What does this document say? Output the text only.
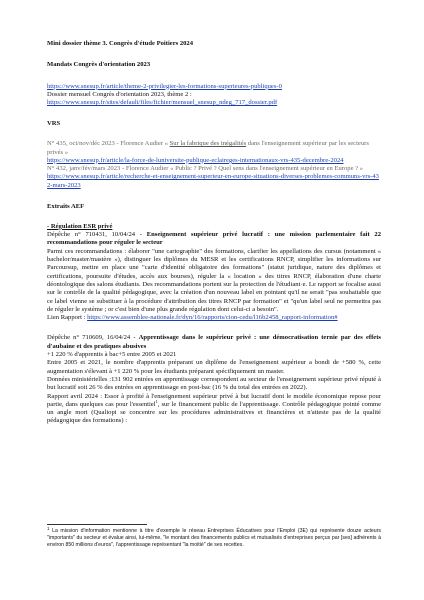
Mini dossier thème 3. Congrès d'étude Poitiers 2024

Mandats Congrès d'orientation 2023

https://www.snesup.fr/article/theme-2-privilegier-les-formations-superieures-publiques-0

Dossier mensuel Congrès d'orientation 2023, thème 2 :

https://www.snesup.fr/sites/default/files/fichier/mensuel_snesup_ndeg_717_dossier.pdf

VRS

N° 435, oct/nov/déc 2023 - Florence Audier « Sur la fabrique des inégalités dans l'enseignement supérieur par les secteurs privés »

https://www.snesup.fr/article/la-force-de-luniversite-publique-eclaireges-internationaux-vrs-435-decembre-2024

N° 432, janv/fév/mars 2023 - Florence Audier « Public ? Privé ? Quel sens dans l'enseignement supérieur en Europe ? »

https://www.snesup.fr/article/recherche-et-enseignement-superieur-en-europe-situations-diverses-problemes-communs-vrs-432-mars-2023

Extraits AEF

- Régulation ESR privé

Dépêche n° 710431, 10/04/24 - Enseignement supérieur privé lucratif : une mission parlementaire fait 22 recommandations pour réguler le secteur

Parmi ces recommandations : élaborer "une cartographie" des formations, clarifier les appellations des cursus (notamment « bachelor/master/mastère »), distinguer les diplômes du MESR et les certifications RNCP, simplifier les informations sur Parcoursup, mettre en place une "carte d'identité obligatoire des formations" (statut juridique, nature des diplômes et certifications, poursuite d'études, accès aux bourses), réguler la « location » des titres RNCP, élaboration d'une charte déontologique des salons étudiants. Des recommandations portent sur la protection de l'étudiant·e. Le rapport se focalise aussi sur le contrôle de la qualité pédagogique, avec la création d'un nouveau label en pointant qu'il ne serait "pas souhaitable que ce label vienne se substituer à la procédure d'attribution des titres RNCP par formation" et "qu'un label seul ne permettra pas de réguler le système ; or c'est bien d'une plus grande régulation dont celui-ci a besoin".

Lien Rapport : https://www.assemblee-nationale.fr/dyn/16/rapports/cion-cedu/l16b2458_rapport-information#

Dépêche n° 710609, 16/04/24 - Apprentissage dans le supérieur privé : une démocratisation ternie par des effets d'aubaine et des pratiques abusives

+1 220 % d'apprentis à bac+5 entre 2005 et 2021

Entre 2005 et 2021, le nombre d'apprentis préparant un diplôme de l'enseignement supérieur a bondi de +580 %, cette augmentation s'élevant à +1 220 % pour les étudiants préparant spécifiquement un master.

Données ministérielles :131 902 entrées en apprentissage correspondent au secteur de l'enseignement supérieur privé réputé à but lucratif soit 26 % des entrées en apprentissage en post-bac (16 % du total des entrées en 2022).

Rapport avril 2024 : Essor à profité à l'enseignement supérieur privé à but lucratif dont le modèle économique repose pour partie, dans quelques cas pour l'essentiel$^1$, sur le financement public de l'apprentissage. Contrôle pédagogique pointé comme un angle mort (Qualiopi se concentre sur les procédures administratives et financières et n'atteste pas de la qualité pédagogique des formations) :

$^1$ La mission d'information mentionne à titre d'exemple le réseau Entreprises Éducatives pour l'Emploi (3E) qui représente douze acteurs "importants" du secteur et évalue ainsi, lui-même, "le montant des financements publics et mutualisés d'entreprises perçus par [ses] adhérents à environ 850 millions d'euros", l'apprentissage représentant "la moitié" de ses recettes.
